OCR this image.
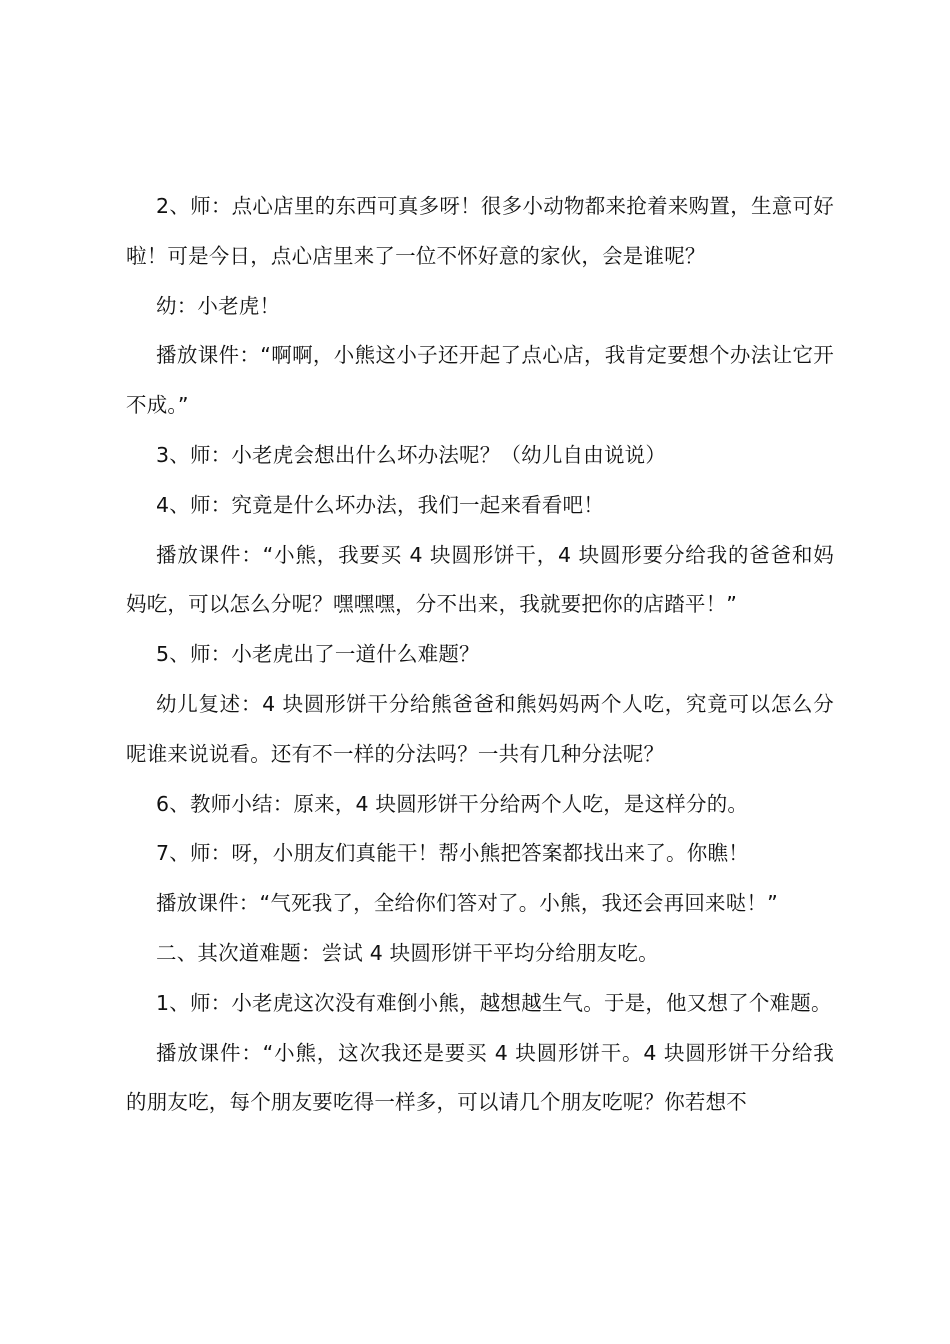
2、师：点心店里的东西可真多呀！很多小动物都来抢着来购置，生意可好啦！可是今日，点心店里来了一位不怀好意的家伙，会是谁呢？

幼：小老虎！

播放课件：“啊啊，小熊这小子还开起了点心店，我肯定要想个办法让它开不成。”

3、师：小老虎会想出什么坏办法呢？（幼儿自由说说）

4、师：究竟是什么坏办法，我们一起来看看吧！

播放课件：“小熊，我要买 4 块圆形饼干，4 块圆形要分给我的爸爸和妈妈吃，可以怎么分呢？嘿嘿嘿，分不出来，我就要把你的店踏平！”

5、师：小老虎出了一道什么难题？

幼儿复述：4 块圆形饼干分给熊爸爸和熊妈妈两个人吃，究竟可以怎么分呢谁来说说看。还有不一样的分法吗？一共有几种分法呢？

6、教师小结：原来，4 块圆形饼干分给两个人吃，是这样分的。

7、师：呀，小朋友们真能干！帮小熊把答案都找出来了。你瞧！

播放课件：“气死我了，全给你们答对了。小熊，我还会再回来哒！”

二、其次道难题：尝试 4 块圆形饼干平均分给朋友吃。

1、师：小老虎这次没有难倒小熊，越想越生气。于是，他又想了个难题。

播放课件：“小熊，这次我还是要买 4 块圆形饼干。4 块圆形饼干分给我的朋友吃，每个朋友要吃得一样多，可以请几个朋友吃呢？你若想不
